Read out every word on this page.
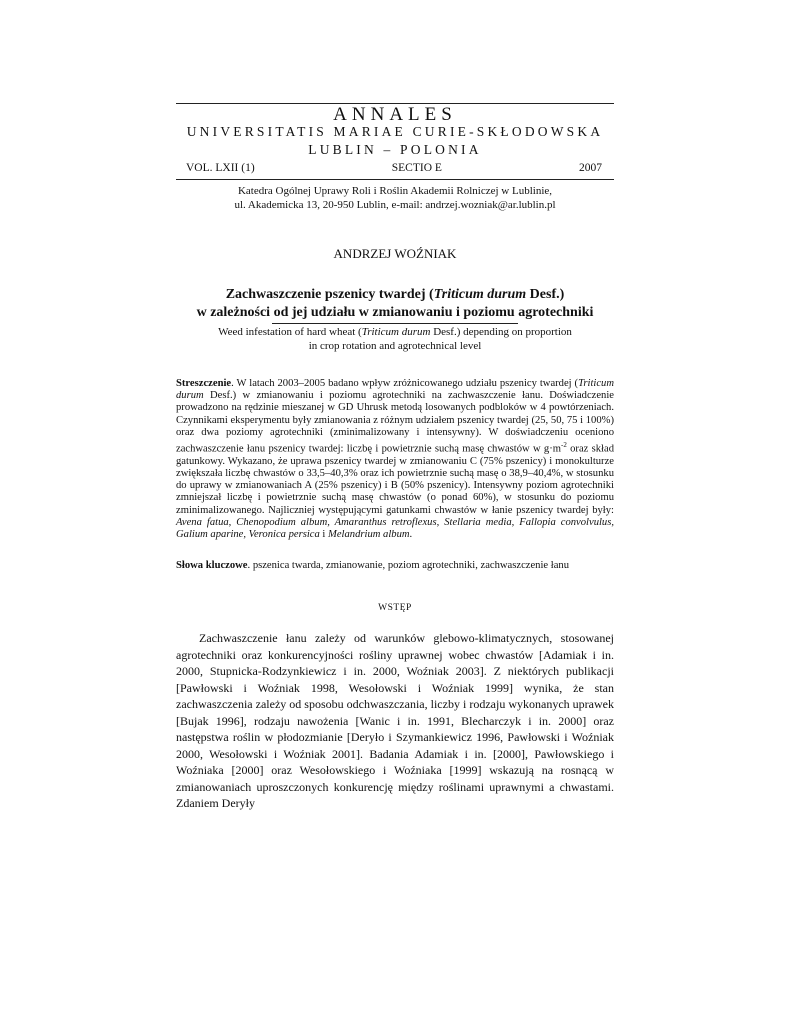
ANNALES
UNIVERSITATIS MARIAE CURIE-SKŁODOWSKA
LUBLIN – POLONIA
VOL. LXII (1)	SECTIO E	2007
Katedra Ogólnej Uprawy Roli i Roślin Akademii Rolniczej w Lublinie,
ul. Akademicka 13, 20-950 Lublin, e-mail: andrzej.wozniak@ar.lublin.pl
ANDRZEJ WOŹNIAK
Zachwaszczenie pszenicy twardej (Triticum durum Desf.)
w zależności od jej udziału w zmianowaniu i poziomu agrotechniki
Weed infestation of hard wheat (Triticum durum Desf.) depending on proportion
in crop rotation and agrotechnical level
Streszczenie. W latach 2003–2005 badano wpływ zróżnicowanego udziału pszenicy twardej (Triticum durum Desf.) w zmianowaniu i poziomu agrotechniki na zachwaszczenie łanu. Doświadczenie prowadzono na rędzinie mieszanej w GD Uhrusk metodą losowanych podbloków w 4 powtórzeniach. Czynnikami eksperymentu były zmianowania z różnym udziałem pszenicy twardej (25, 50, 75 i 100%) oraz dwa poziomy agrotechniki (zminimalizowany i intensywny). W doświadczeniu oceniono zachwaszczenie łanu pszenicy twardej: liczbę i powietrznie suchą masę chwastów w $g\cdot m^{-2}$ oraz skład gatunkowy. Wykazano, że uprawa pszenicy twardej w zmianowaniu C (75% pszenicy) i monokulturze zwiększała liczbę chwastów o 33,5–40,3% oraz ich powietrznie suchą masę o 38,9–40,4%, w stosunku do uprawy w zmianowaniach A (25% pszenicy) i B (50% pszenicy). Intensywny poziom agrotechniki zmniejszał liczbę i powietrznie suchą masę chwastów (o ponad 60%), w stosunku do poziomu zminimalizowanego. Najliczniej występującymi gatunkami chwastów w łanie pszenicy twardej były: Avena fatua, Chenopodium album, Amaranthus retroflexus, Stellaria media, Fallopia convolvulus, Galium aparine, Veronica persica i Melandrium album.
Słowa kluczowe. pszenica twarda, zmianowanie, poziom agrotechniki, zachwaszczenie łanu
WSTĘP
Zachwaszczenie łanu zależy od warunków glebowo-klimatycznych, stosowanej agrotechniki oraz konkurencyjności rośliny uprawnej wobec chwastów [Adamiak i in. 2000, Stupnicka-Rodzynkiewicz i in. 2000, Woźniak 2003]. Z niektórych publikacji [Pawłowski i Woźniak 1998, Wesołowski i Woźniak 1999] wynika, że stan zachwaszczenia zależy od sposobu odchwaszczania, liczby i rodzaju wykonanych uprawek [Bujak 1996], rodzaju nawożenia [Wanic i in. 1991, Blecharczyk i in. 2000] oraz następstwa roślin w płodozmianie [Deryło i Szymankiewicz 1996, Pawłowski i Woźniak 2000, Wesołowski i Woźniak 2001]. Badania Adamiak i in. [2000], Pawłowskiego i Woźniaka [2000] oraz Wesołowskiego i Woźniaka [1999] wskazują na rosnącą w zmianowaniach uproszczonych konkurencję między roślinami uprawnymi a chwastami. Zdaniem Deryły
